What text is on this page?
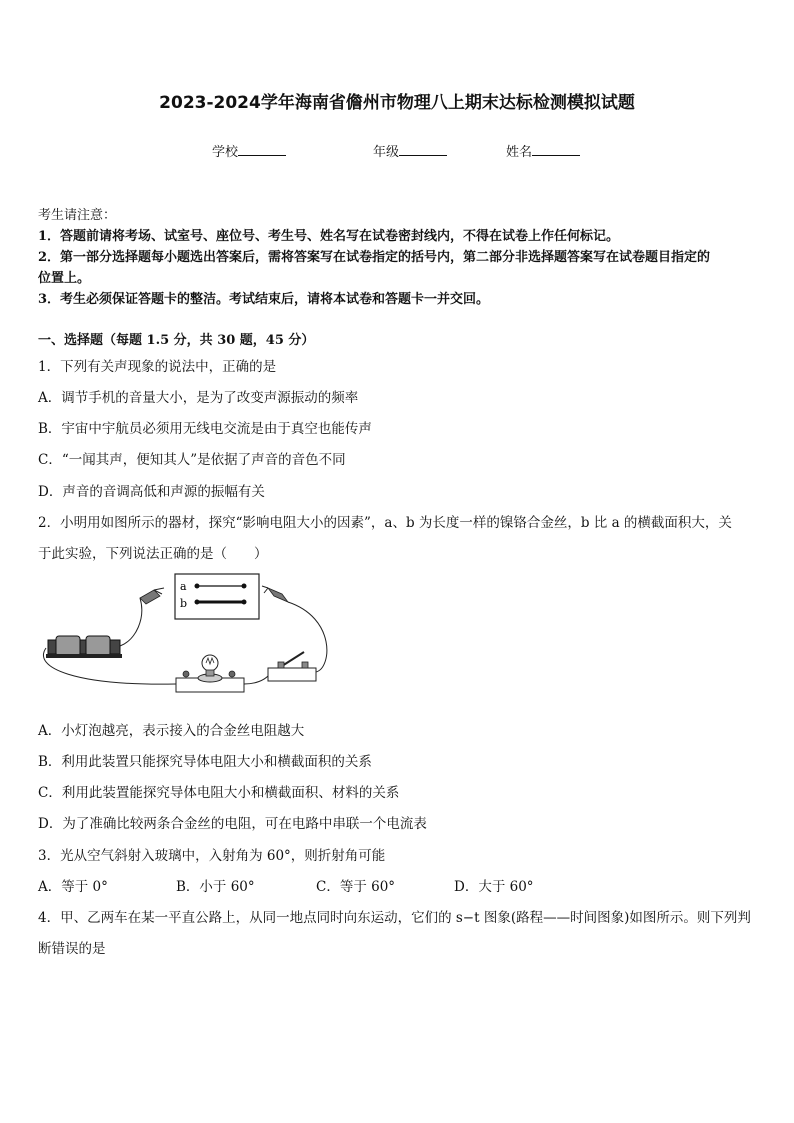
2023-2024学年海南省儋州市物理八上期末达标检测模拟试题
学校	年级	姓名
考生请注意：
1．答题前请将考场、试室号、座位号、考生号、姓名写在试卷密封线内，不得在试卷上作任何标记。
2．第一部分选择题每小题选出答案后，需将答案写在试卷指定的括号内，第二部分非选择题答案写在试卷题目指定的
位置上。
3．考生必须保证答题卡的整洁。考试结束后，请将本试卷和答题卡一并交回。
一、选择题（每题 1.5 分，共 30 题，45 分）
1．下列有关声现象的说法中，正确的是
A．调节手机的音量大小，是为了改变声源振动的频率
B．宇宙中宇航员必须用无线电交流是由于真空也能传声
C．“一闻其声，便知其人”是依据了声音的音色不同
D．声音的音调高低和声源的振幅有关
2．小明用如图所示的器材，探究“影响电阻大小的因素”，a、b 为长度一样的镍铬合金丝，b 比 a 的横截面积大，关
于此实验，下列说法正确的是（　　）
a
b
A．小灯泡越亮，表示接入的合金丝电阻越大
B．利用此装置只能探究导体电阻大小和横截面积的关系
C．利用此装置能探究导体电阻大小和横截面积、材料的关系
D．为了准确比较两条合金丝的电阻，可在电路中串联一个电流表
3．光从空气斜射入玻璃中，入射角为 60°，则折射角可能
A．等于 0°	B．小于 60°	C．等于 60°	D．大于 60°
4．甲、乙两车在某一平直公路上，从同一地点同时向东运动，它们的 s−t 图象(路程——时间图象)如图所示。则下列判
断错误的是
